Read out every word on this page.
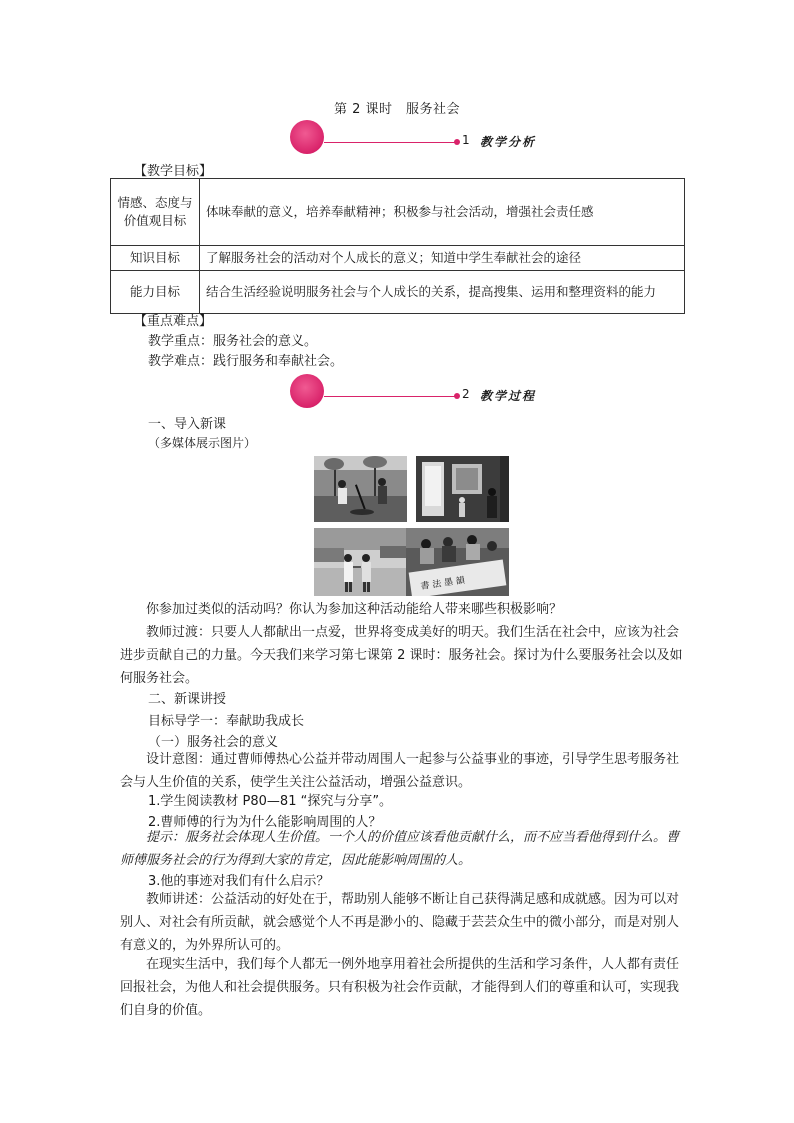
第 2 课时　服务社会
1 教学分析
【教学目标】
情感、态度与价值观目标	体味奉献的意义，培养奉献精神；积极参与社会活动，增强社会责任感
知识目标	了解服务社会的活动对个人成长的意义；知道中学生奉献社会的途径
能力目标	结合生活经验说明服务社会与个人成长的关系，提高搜集、运用和整理资料的能力
【重点难点】
教学重点：服务社会的意义。
教学难点：践行服务和奉献社会。
2 教学过程
一、导入新课
（多媒体展示图片）
書 法 墨 韻
你参加过类似的活动吗？你认为参加这种活动能给人带来哪些积极影响？
教师过渡：只要人人都献出一点爱，世界将变成美好的明天。我们生活在社会中，应该为社会进步贡献自己的力量。今天我们来学习第七课第 2 课时：服务社会。探讨为什么要服务社会以及如何服务社会。
二、新课讲授
目标导学一：奉献助我成长
（一）服务社会的意义
设计意图：通过曹师傅热心公益并带动周围人一起参与公益事业的事迹，引导学生思考服务社会与人生价值的关系，使学生关注公益活动，增强公益意识。
1.学生阅读教材 P80—81 “探究与分享”。
2.曹师傅的行为为什么能影响周围的人？
提示：服务社会体现人生价值。一个人的价值应该看他贡献什么，而不应当看他得到什么。曹师傅服务社会的行为得到大家的肯定，因此能影响周围的人。
3.他的事迹对我们有什么启示？
教师讲述：公益活动的好处在于，帮助别人能够不断让自己获得满足感和成就感。因为可以对别人、对社会有所贡献，就会感觉个人不再是渺小的、隐藏于芸芸众生中的微小部分，而是对别人有意义的，为外界所认可的。
在现实生活中，我们每个人都无一例外地享用着社会所提供的生活和学习条件，人人都有责任回报社会，为他人和社会提供服务。只有积极为社会作贡献，才能得到人们的尊重和认可，实现我们自身的价值。
